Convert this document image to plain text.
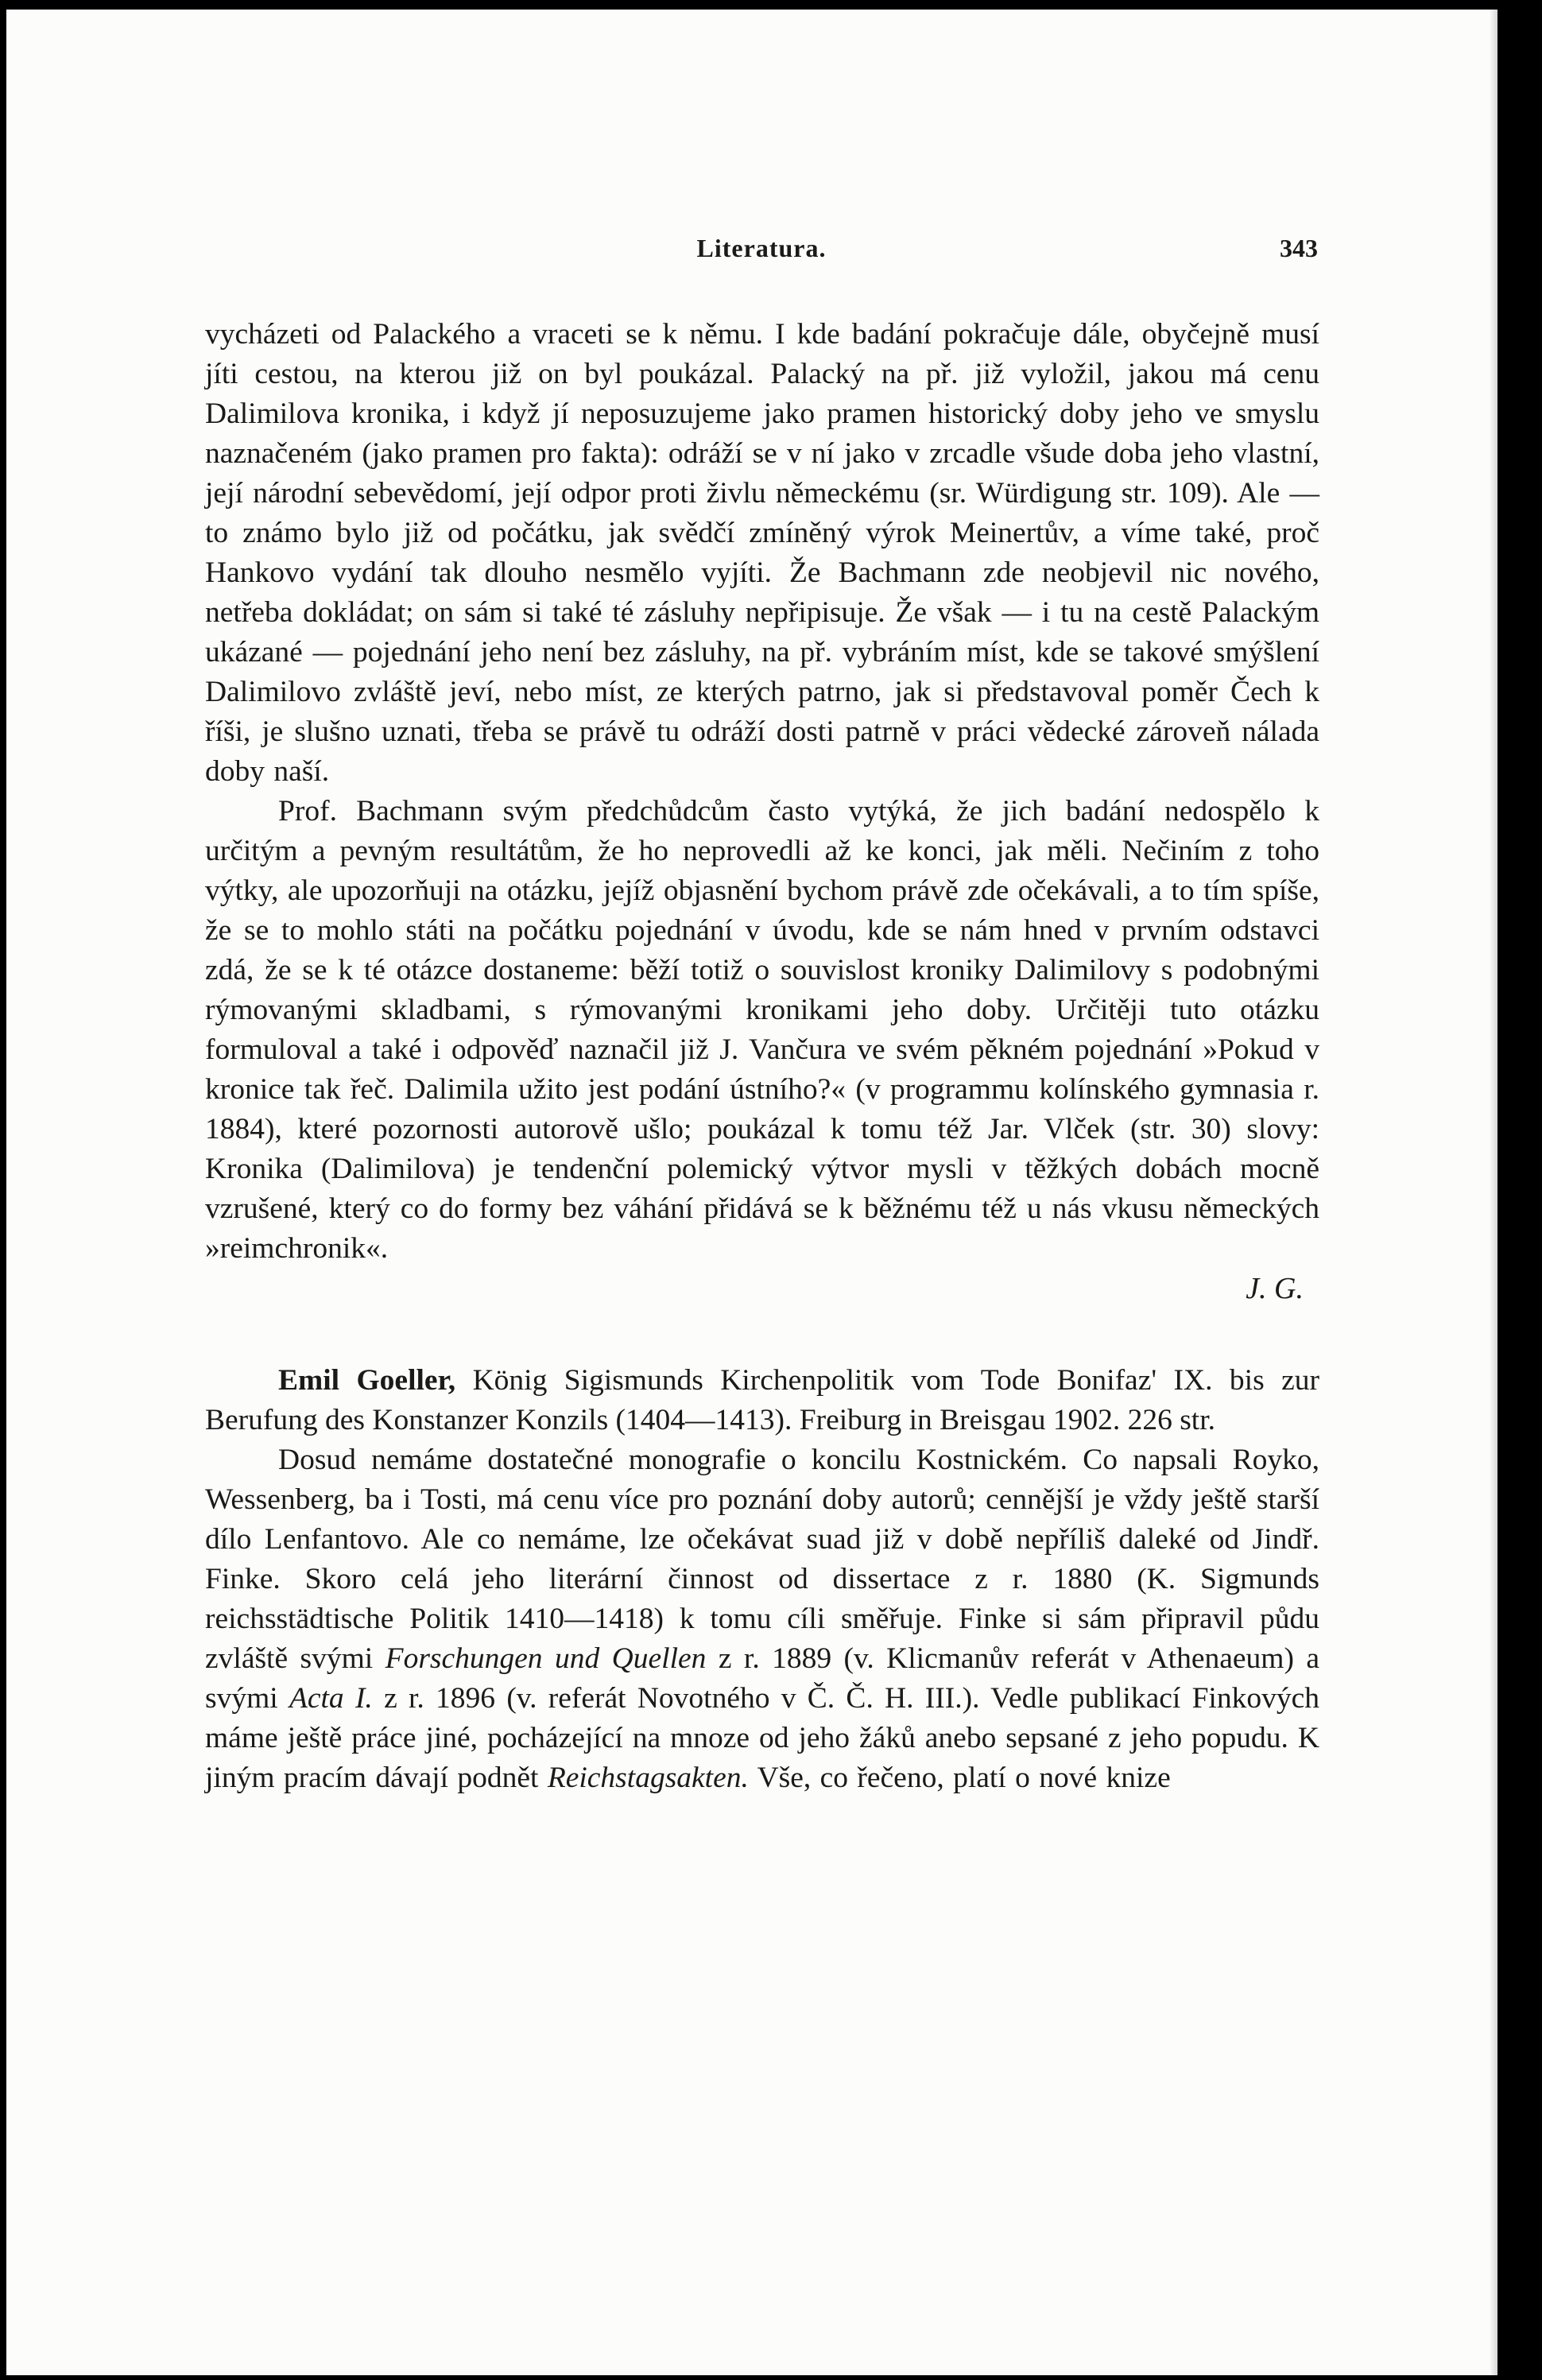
Literatura.	343

vycházeti od Palackého a vraceti se k němu. I kde badání pokračuje dále, obyčejně musí jíti cestou, na kterou již on byl poukázal. Palacký na př. již vyložil, jakou má cenu Dalimilova kronika, i když jí neposuzujeme jako pramen historický doby jeho ve smyslu naznačeném (jako pramen pro fakta): odráží se v ní jako v zrcadle všude doba jeho vlastní, její národní sebevědomí, její odpor proti živlu německému (sr. Würdigung str. 109). Ale — to známo bylo již od počátku, jak svědčí zmíněný výrok Meinertův, a víme také, proč Hankovo vydání tak dlouho nesmělo vyjíti. Že Bachmann zde neobjevil nic nového, netřeba dokládat; on sám si také té zásluhy nepřipisuje. Že však — i tu na cestě Palackým ukázané — pojednání jeho není bez zásluhy, na př. vybráním míst, kde se takové smýšlení Dalimilovo zvláště jeví, nebo míst, ze kterých patrno, jak si představoval poměr Čech k říši, je slušno uznati, třeba se právě tu odráží dosti patrně v práci vědecké zároveň nálada doby naší.

Prof. Bachmann svým předchůdcům často vytýká, že jich badání nedospělo k určitým a pevným resultátům, že ho neprovedli až ke konci, jak měli. Nečiním z toho výtky, ale upozorňuji na otázku, jejíž objasnění bychom právě zde očekávali, a to tím spíše, že se to mohlo státi na počátku pojednání v úvodu, kde se nám hned v prvním odstavci zdá, že se k té otázce dostaneme: běží totiž o souvislost kroniky Dalimilovy s podobnými rýmovanými skladbami, s rýmovanými kronikami jeho doby. Určitěji tuto otázku formuloval a také i odpověď naznačil již J. Vančura ve svém pěkném pojednání »Pokud v kronice tak řeč. Dalimila užito jest podání ústního?« (v programmu kolínského gymnasia r. 1884), které pozornosti autorově ušlo; poukázal k tomu též Jar. Vlček (str. 30) slovy: Kronika (Dalimilova) je tendenční polemický výtvor mysli v těžkých dobách mocně vzrušené, který co do formy bez váhání přidává se k běžnému též u nás vkusu německých »reimchronik«.

J. G.

Emil Goeller, König Sigismunds Kirchenpolitik vom Tode Bonifaz' IX. bis zur Berufung des Konstanzer Konzils (1404—1413). Freiburg in Breisgau 1902. 226 str.

Dosud nemáme dostatečné monografie o koncilu Kostnickém. Co napsali Royko, Wessenberg, ba i Tosti, má cenu více pro poznání doby autorů; cennější je vždy ještě starší dílo Lenfantovo. Ale co nemáme, lze očekávat suad již v době nepříliš daleké od Jindř. Finke. Skoro celá jeho literární činnost od dissertace z r. 1880 (K. Sigmunds reichsstädtische Politik 1410—1418) k tomu cíli směřuje. Finke si sám připravil půdu zvláště svými Forschungen und Quellen z r. 1889 (v. Klicmanův referát v Athenaeum) a svými Acta I. z r. 1896 (v. referát Novotného v Č. Č. H. III.). Vedle publikací Finkových máme ještě práce jiné, pocházející na mnoze od jeho žáků anebo sepsané z jeho popudu. K jiným pracím dávají podnět Reichstagsakten. Vše, co řečeno, platí o nové knize
